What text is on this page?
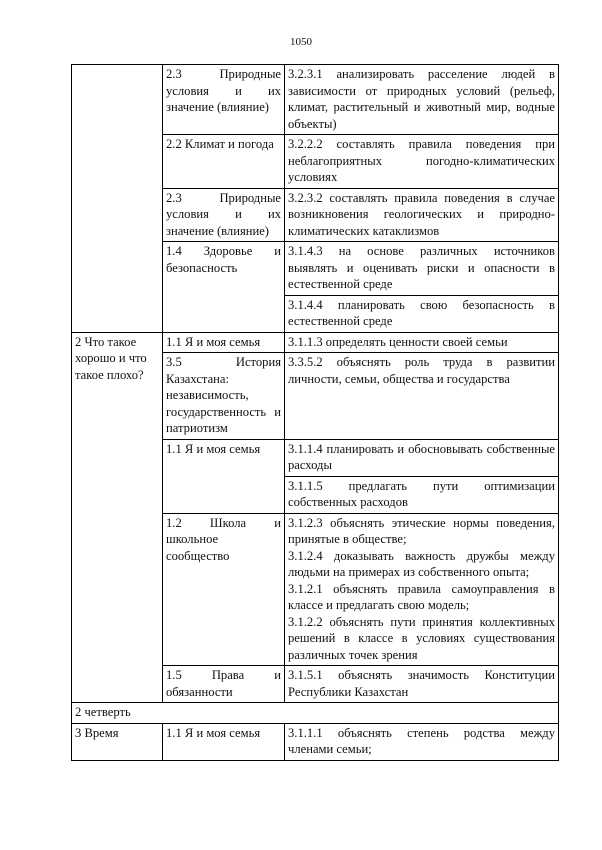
1050
	2.3 Природные условия и их значение (влияние)	3.2.3.1 анализировать расселение людей в зависимости от природных условий (рельеф, климат, растительный и животный мир, водные объекты)

	2.2 Климат и погода	3.2.2.2 составлять правила поведения при неблагоприятных погодно-климатических условиях

	2.3 Природные условия и их значение (влияние)	3.2.3.2 составлять правила поведения в случае возникновения геологических и природно-климатических катаклизмов

	1.4 Здоровье и безопасность	3.1.4.3 на основе различных источников выявлять и оценивать риски и опасности в естественной среде

		3.1.4.4 планировать свою безопасность в естественной среде

2 Что такое хорошо и что такое плохо?	1.1 Я и моя семья	3.1.1.3 определять ценности своей семьи

	3.5 История Казахстана: независимость, государственность и патриотизм	3.3.5.2 объяснять роль труда в развитии личности, семьи, общества и государства

	1.1 Я и моя семья	3.1.1.4 планировать и обосновывать собственные расходы

		3.1.1.5 предлагать пути оптимизации собственных расходов

	1.2 Школа и школьное сообщество	3.1.2.3 объяснять этические нормы поведения, принятые в обществе;
3.1.2.4 доказывать важность дружбы между людьми на примерах из собственного опыта;
3.1.2.1 объяснять правила самоуправления в классе и предлагать свою модель;
3.1.2.2 объяснять пути принятия коллективных решений в классе в условиях существования различных точек зрения

	1.5 Права и обязанности	3.1.5.1 объяснять значимость Конституции Республики Казахстан

2 четверть		
3 Время	1.1 Я и моя семья	3.1.1.1 объяснять степень родства между членами семьи;
